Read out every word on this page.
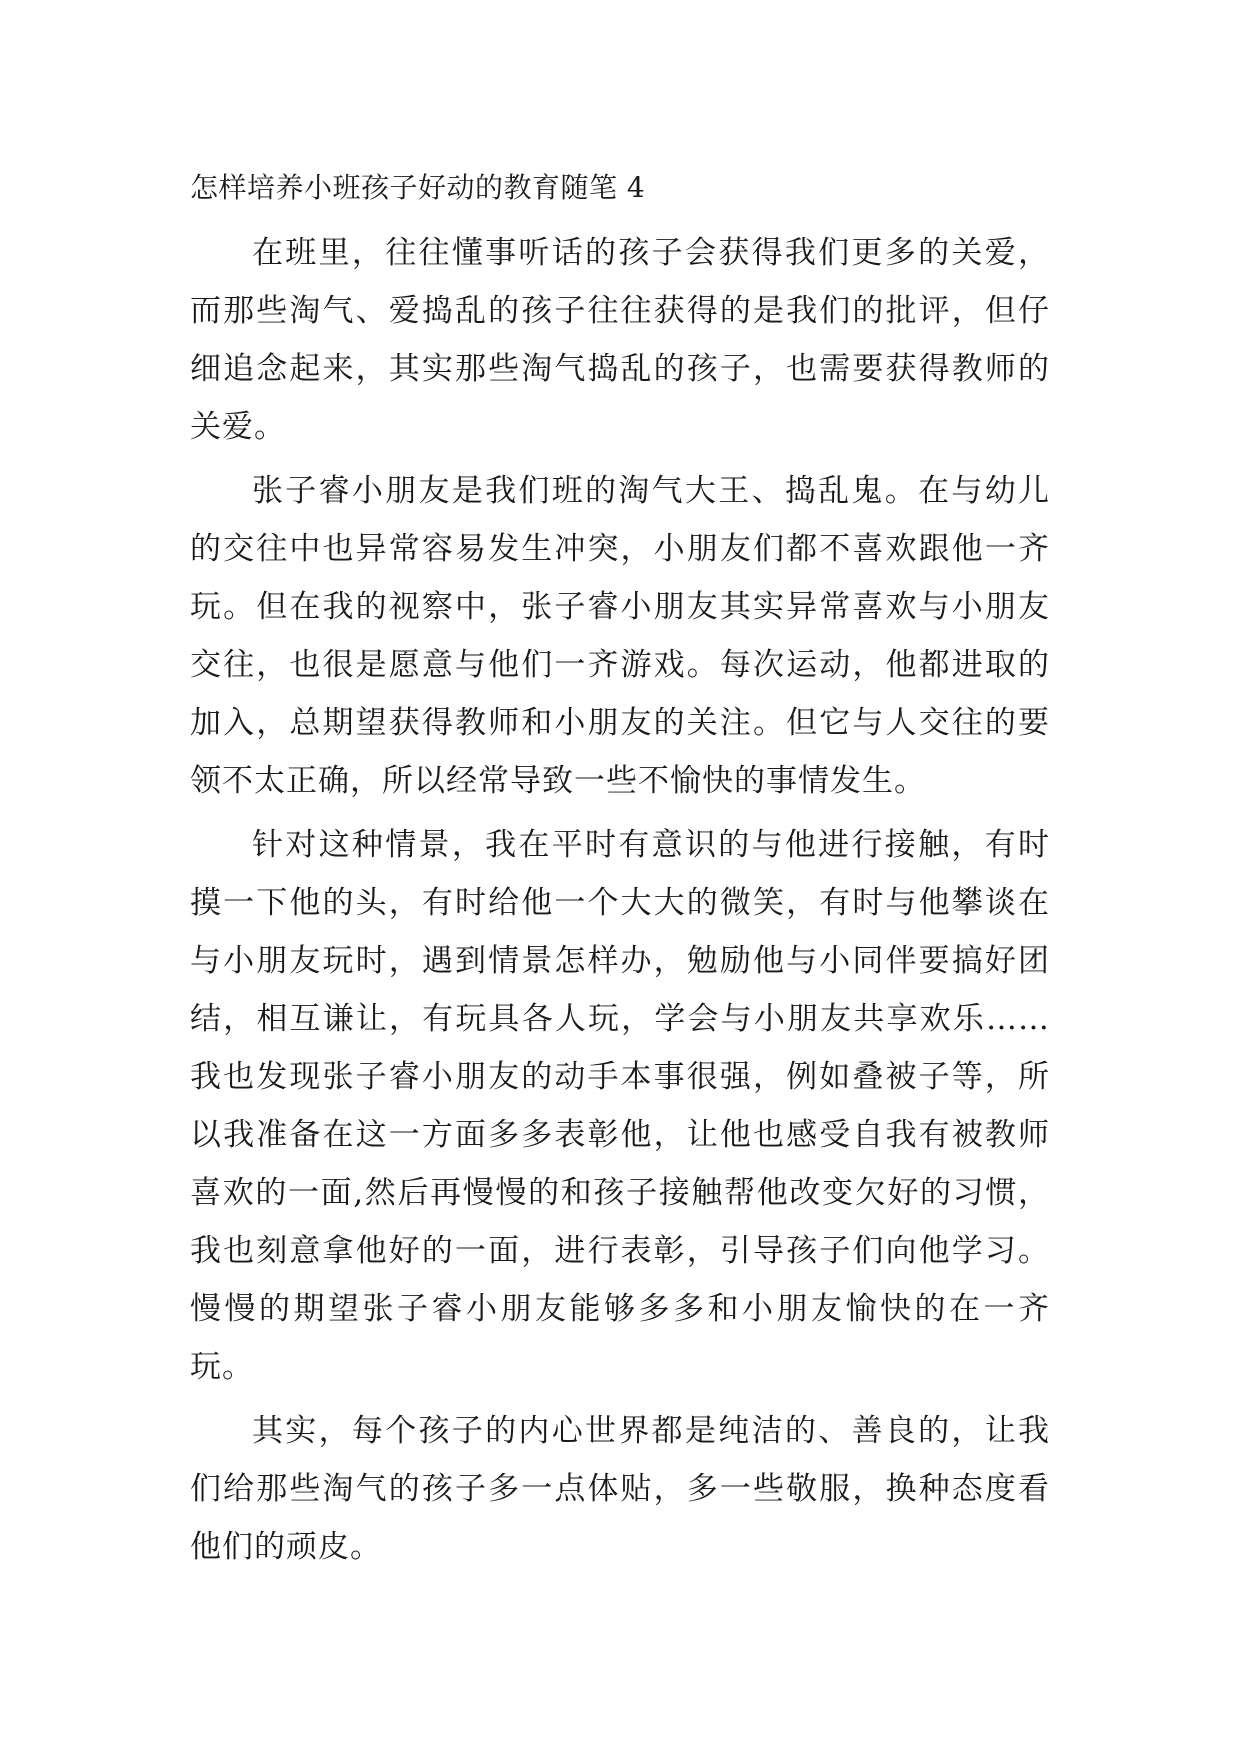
怎样培养小班孩子好动的教育随笔 4

在班里，往往懂事听话的孩子会获得我们更多的关爱，而那些淘气、爱捣乱的孩子往往获得的是我们的批评，但仔细追念起来，其实那些淘气捣乱的孩子，也需要获得教师的关爱。

张子睿小朋友是我们班的淘气大王、捣乱鬼。在与幼儿的交往中也异常容易发生冲突，小朋友们都不喜欢跟他一齐玩。但在我的视察中，张子睿小朋友其实异常喜欢与小朋友交往，也很是愿意与他们一齐游戏。每次运动，他都进取的加入，总期望获得教师和小朋友的关注。但它与人交往的要领不太正确，所以经常导致一些不愉快的事情发生。

针对这种情景，我在平时有意识的与他进行接触，有时摸一下他的头，有时给他一个大大的微笑，有时与他攀谈在与小朋友玩时，遇到情景怎样办，勉励他与小同伴要搞好团结，相互谦让，有玩具各人玩，学会与小朋友共享欢乐……我也发现张子睿小朋友的动手本事很强，例如叠被子等，所以我准备在这一方面多多表彰他，让他也感受自我有被教师喜欢的一面,然后再慢慢的和孩子接触帮他改变欠好的习惯，我也刻意拿他好的一面，进行表彰，引导孩子们向他学习。慢慢的期望张子睿小朋友能够多多和小朋友愉快的在一齐玩。

其实，每个孩子的内心世界都是纯洁的、善良的，让我们给那些淘气的孩子多一点体贴，多一些敬服，换种态度看他们的顽皮。
